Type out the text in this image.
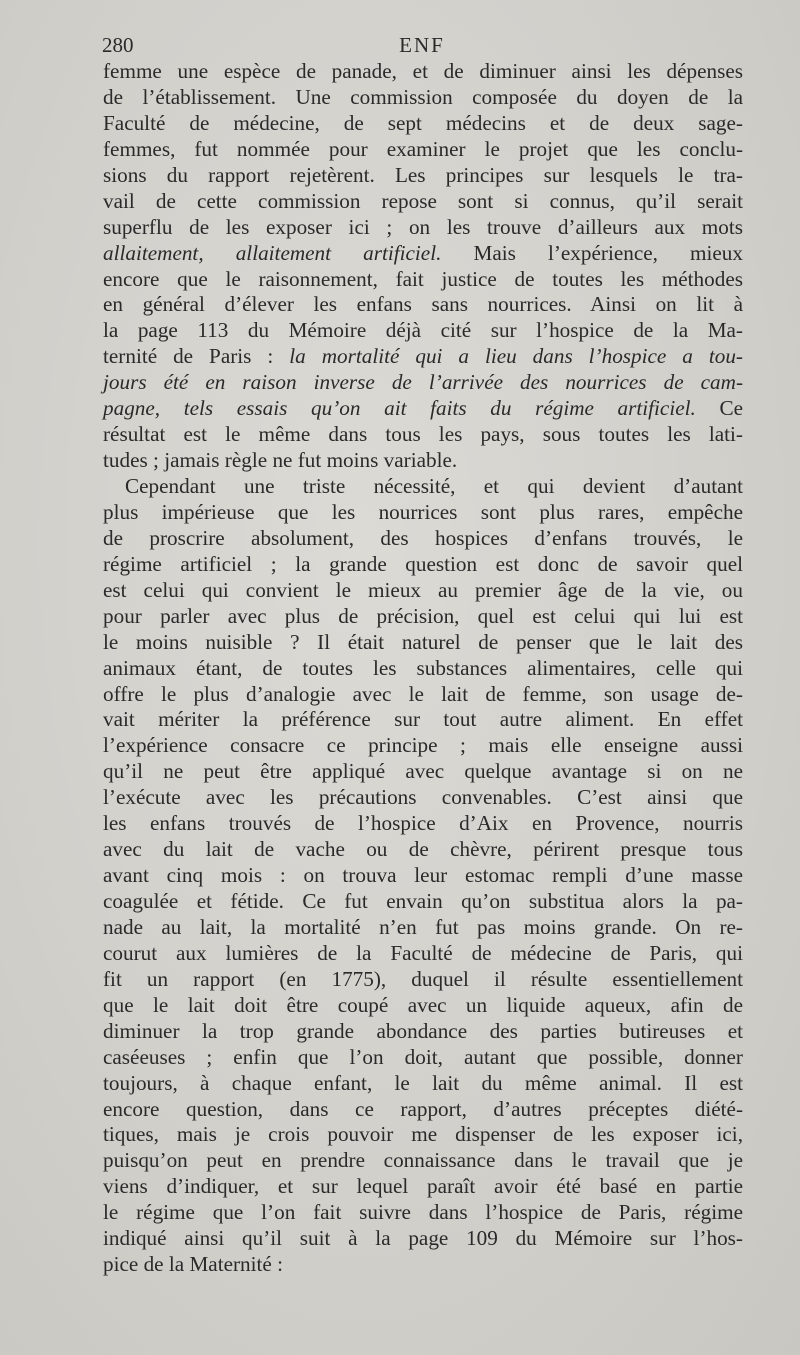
280	ENF
femme une espèce de panade, et de diminuer ainsi les dépenses
de l’établissement. Une commission composée du doyen de la
Faculté de médecine, de sept médecins et de deux sage-
femmes, fut nommée pour examiner le projet que les conclu-
sions du rapport rejetèrent. Les principes sur lesquels le tra-
vail de cette commission repose sont si connus, qu’il serait
superflu de les exposer ici ; on les trouve d’ailleurs aux mots
allaitement, allaitement artificiel. Mais l’expérience, mieux
encore que le raisonnement, fait justice de toutes les méthodes
en général d’élever les enfans sans nourrices. Ainsi on lit à
la page 113 du Mémoire déjà cité sur l’hospice de la Ma-
ternité de Paris : la mortalité qui a lieu dans l’hospice a tou-
jours été en raison inverse de l’arrivée des nourrices de cam-
pagne, tels essais qu’on ait faits du régime artificiel. Ce
résultat est le même dans tous les pays, sous toutes les lati-
tudes ; jamais règle ne fut moins variable.
Cependant une triste nécessité, et qui devient d’autant
plus impérieuse que les nourrices sont plus rares, empêche
de proscrire absolument, des hospices d’enfans trouvés, le
régime artificiel ; la grande question est donc de savoir quel
est celui qui convient le mieux au premier âge de la vie, ou
pour parler avec plus de précision, quel est celui qui lui est
le moins nuisible ? Il était naturel de penser que le lait des
animaux étant, de toutes les substances alimentaires, celle qui
offre le plus d’analogie avec le lait de femme, son usage de-
vait mériter la préférence sur tout autre aliment. En effet
l’expérience consacre ce principe ; mais elle enseigne aussi
qu’il ne peut être appliqué avec quelque avantage si on ne
l’exécute avec les précautions convenables. C’est ainsi que
les enfans trouvés de l’hospice d’Aix en Provence, nourris
avec du lait de vache ou de chèvre, périrent presque tous
avant cinq mois : on trouva leur estomac rempli d’une masse
coagulée et fétide. Ce fut envain qu’on substitua alors la pa-
nade au lait, la mortalité n’en fut pas moins grande. On re-
courut aux lumières de la Faculté de médecine de Paris, qui
fit un rapport (en 1775), duquel il résulte essentiellement
que le lait doit être coupé avec un liquide aqueux, afin de
diminuer la trop grande abondance des parties butireuses et
caséeuses ; enfin que l’on doit, autant que possible, donner
toujours, à chaque enfant, le lait du même animal. Il est
encore question, dans ce rapport, d’autres préceptes diété-
tiques, mais je crois pouvoir me dispenser de les exposer ici,
puisqu’on peut en prendre connaissance dans le travail que je
viens d’indiquer, et sur lequel paraît avoir été basé en partie
le régime que l’on fait suivre dans l’hospice de Paris, régime
indiqué ainsi qu’il suit à la page 109 du Mémoire sur l’hos-
pice de la Maternité :
